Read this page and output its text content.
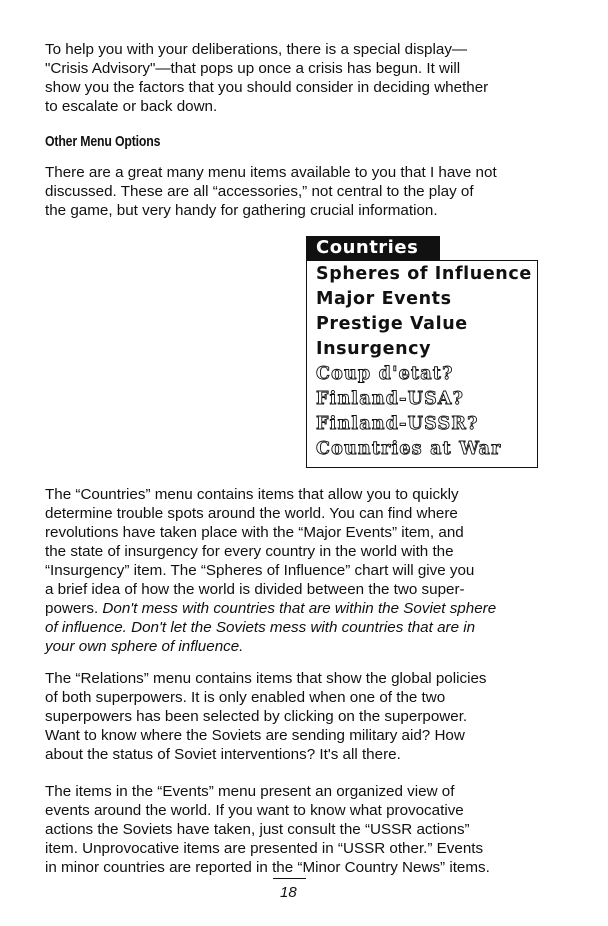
To help you with your deliberations, there is a special display—
"Crisis Advisory"—that pops up once a crisis has begun. It will
show you the factors that you should consider in deciding whether
to escalate or back down.

Other Menu Options

There are a great many menu items available to you that I have not
discussed. These are all “accessories,” not central to the play of
the game, but very handy for gathering crucial information.

Countries
Spheres of Influence
Major Events
Prestige Value
Insurgency
Coup d'etat?
Finland-USA?
Finland-USSR?
Countries at War

The “Countries” menu contains items that allow you to quickly
determine trouble spots around the world. You can find where
revolutions have taken place with the “Major Events” item, and
the state of insurgency for every country in the world with the
“Insurgency” item. The “Spheres of Influence” chart will give you
a brief idea of how the world is divided between the two super-
powers. Don't mess with countries that are within the Soviet sphere
of influence. Don't let the Soviets mess with countries that are in
your own sphere of influence.

The “Relations” menu contains items that show the global policies
of both superpowers. It is only enabled when one of the two
superpowers has been selected by clicking on the superpower.
Want to know where the Soviets are sending military aid? How
about the status of Soviet interventions? It's all there.

The items in the “Events” menu present an organized view of
events around the world. If you want to know what provocative
actions the Soviets have taken, just consult the “USSR actions”
item. Unprovocative items are presented in “USSR other.” Events
in minor countries are reported in the “Minor Country News” items.

18
